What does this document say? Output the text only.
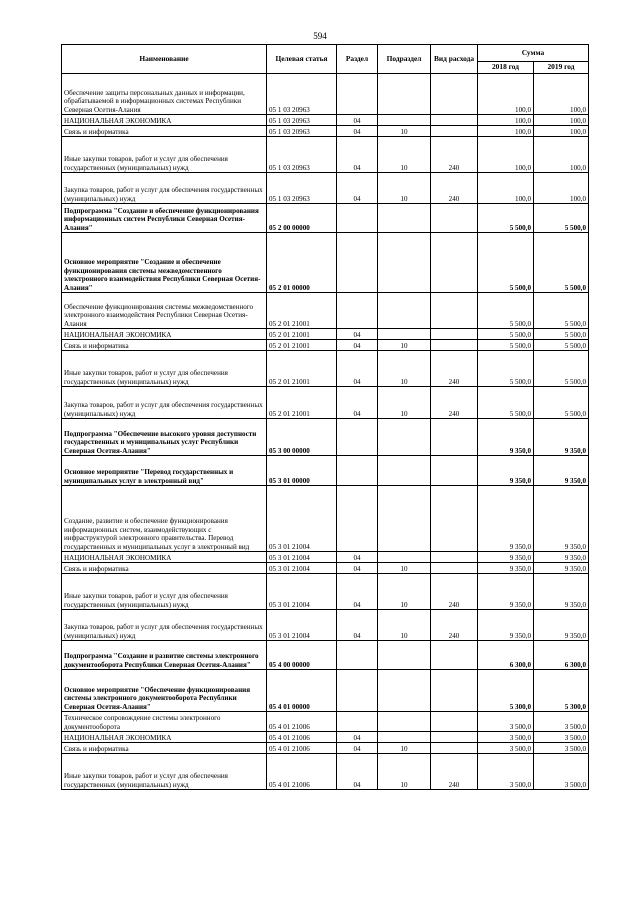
594
Наименование	Целевая статья	Раздел	Подраздел	Вид расхода	Сумма	
					2018 год	2019 год
Обеспечение защиты персональных данных и информации, обрабатываемой в информационных системах Республики Северная Осетия-Алания	05 1 03 20963				100,0	100,0
НАЦИОНАЛЬНАЯ ЭКОНОМИКА	05 1 03 20963	04			100,0	100,0
Связь и информатика	05 1 03 20963	04	10		100,0	100,0
Иные закупки товаров, работ и услуг для обеспечения государственных (муниципальных) нужд	05 1 03 20963	04	10	240	100,0	100,0
Закупка товаров, работ и услуг для обеспечения государственных (муниципальных) нужд	05 1 03 20963	04	10	240	100,0	100,0
Подпрограмма "Создание и обеспечение функционирования информационных систем Республики Северная Осетия-Алания"	05 2 00 00000				5 500,0	5 500,0
Основное мероприятие "Создание и обеспечение функционирования системы межведомственного электронного взаимодействия Республики Северная Осетия-Алания"	05 2 01 00000				5 500,0	5 500,0
Обеспечение функционирования системы межведомственного электронного взаимодействия Республики Северная Осетия-Алания	05 2 01 21001				5 500,0	5 500,0
НАЦИОНАЛЬНАЯ ЭКОНОМИКА	05 2 01 21001	04			5 500,0	5 500,0
Связь и информатика	05 2 01 21001	04	10		5 500,0	5 500,0
Иные закупки товаров, работ и услуг для обеспечения государственных (муниципальных) нужд	05 2 01 21001	04	10	240	5 500,0	5 500,0
Закупка товаров, работ и услуг для обеспечения государственных (муниципальных) нужд	05 2 01 21001	04	10	240	5 500,0	5 500,0
Подпрограмма "Обеспечение высокого уровня доступности государственных и муниципальных услуг Республики Северная Осетия-Алания"	05 3 00 00000				9 350,0	9 350,0
Основное мероприятие "Перевод государственных и муниципальных услуг в электронный вид"	05 3 01 00000				9 350,0	9 350,0
Создание, развитие и обеспечение функционирования информационных систем, взаимодействующих с инфраструктурой электронного правительства. Перевод государственных и муниципальных услуг в электронный вид	05 3 01 21004				9 350,0	9 350,0
НАЦИОНАЛЬНАЯ ЭКОНОМИКА	05 3 01 21004	04			9 350,0	9 350,0
Связь и информатика	05 3 01 21004	04	10		9 350,0	9 350,0
Иные закупки товаров, работ и услуг для обеспечения государственных (муниципальных) нужд	05 3 01 21004	04	10	240	9 350,0	9 350,0
Закупка товаров, работ и услуг для обеспечения государственных (муниципальных) нужд	05 3 01 21004	04	10	240	9 350,0	9 350,0
Подпрограмма "Создание и развитие системы электронного документооборота Республики Северная Осетия-Алания"	05 4 00 00000				6 300,0	6 300,0
Основное мероприятие "Обеспечение функционирования системы электронного документооборота Республики Северная Осетия-Алания"	05 4 01 00000				5 300,0	5 300,0
Техническое сопровождение системы электронного документооборота	05 4 01 21006				3 500,0	3 500,0
НАЦИОНАЛЬНАЯ ЭКОНОМИКА	05 4 01 21006	04			3 500,0	3 500,0
Связь и информатика	05 4 01 21006	04	10		3 500,0	3 500,0
Иные закупки товаров, работ и услуг для обеспечения государственных (муниципальных) нужд	05 4 01 21006	04	10	240	3 500,0	3 500,0
